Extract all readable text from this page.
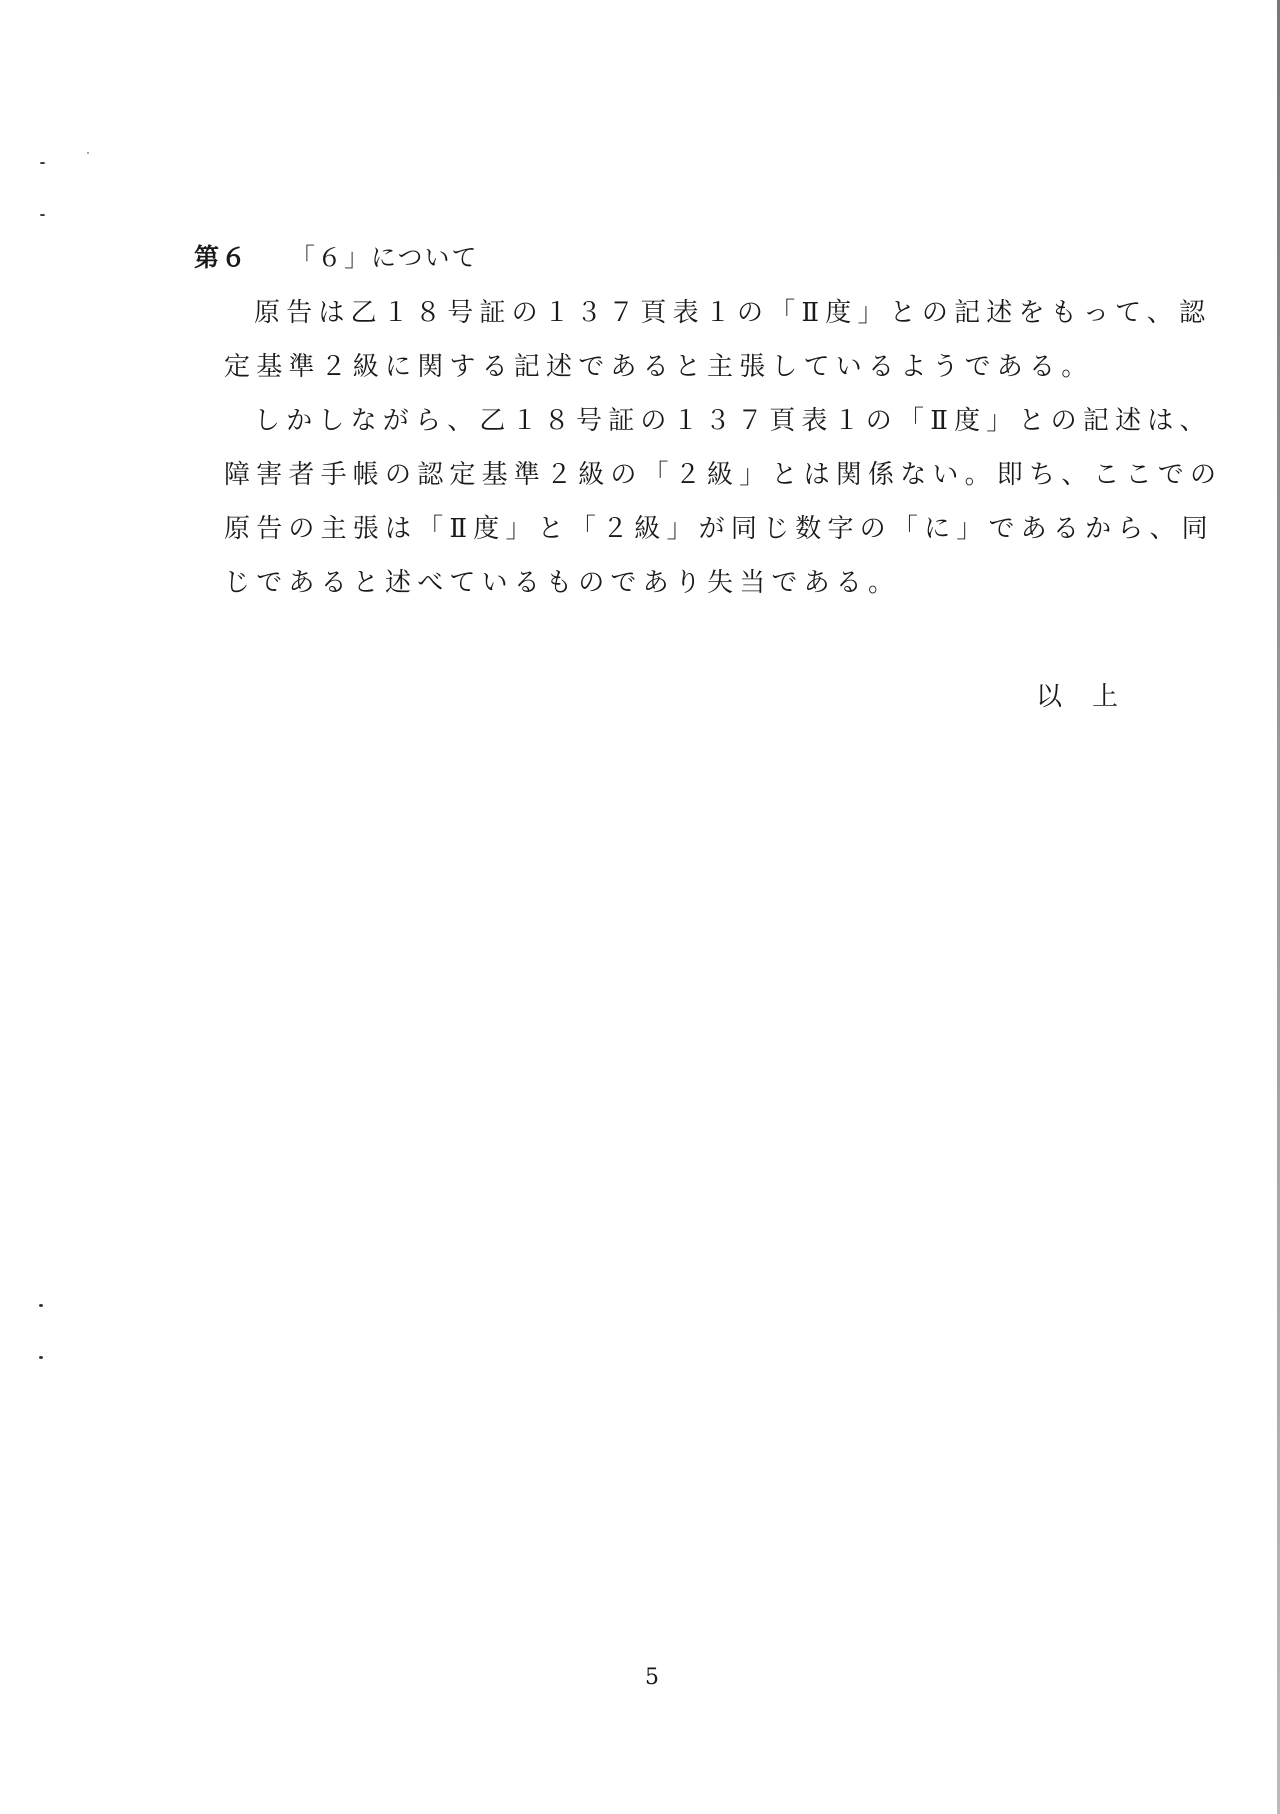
第６ 「６」について
原告は乙１８号証の１３７頁表１の「Ⅱ度」との記述をもって、認
定基準２級に関する記述であると主張しているようである。
しかしながら、乙１８号証の１３７頁表１の「Ⅱ度」との記述は、
障害者手帳の認定基準２級の「２級」とは関係ない。即ち、ここでの
原告の主張は「Ⅱ度」と「２級」が同じ数字の「に」であるから、同
じであると述べているものであり失当である。
以上
5
